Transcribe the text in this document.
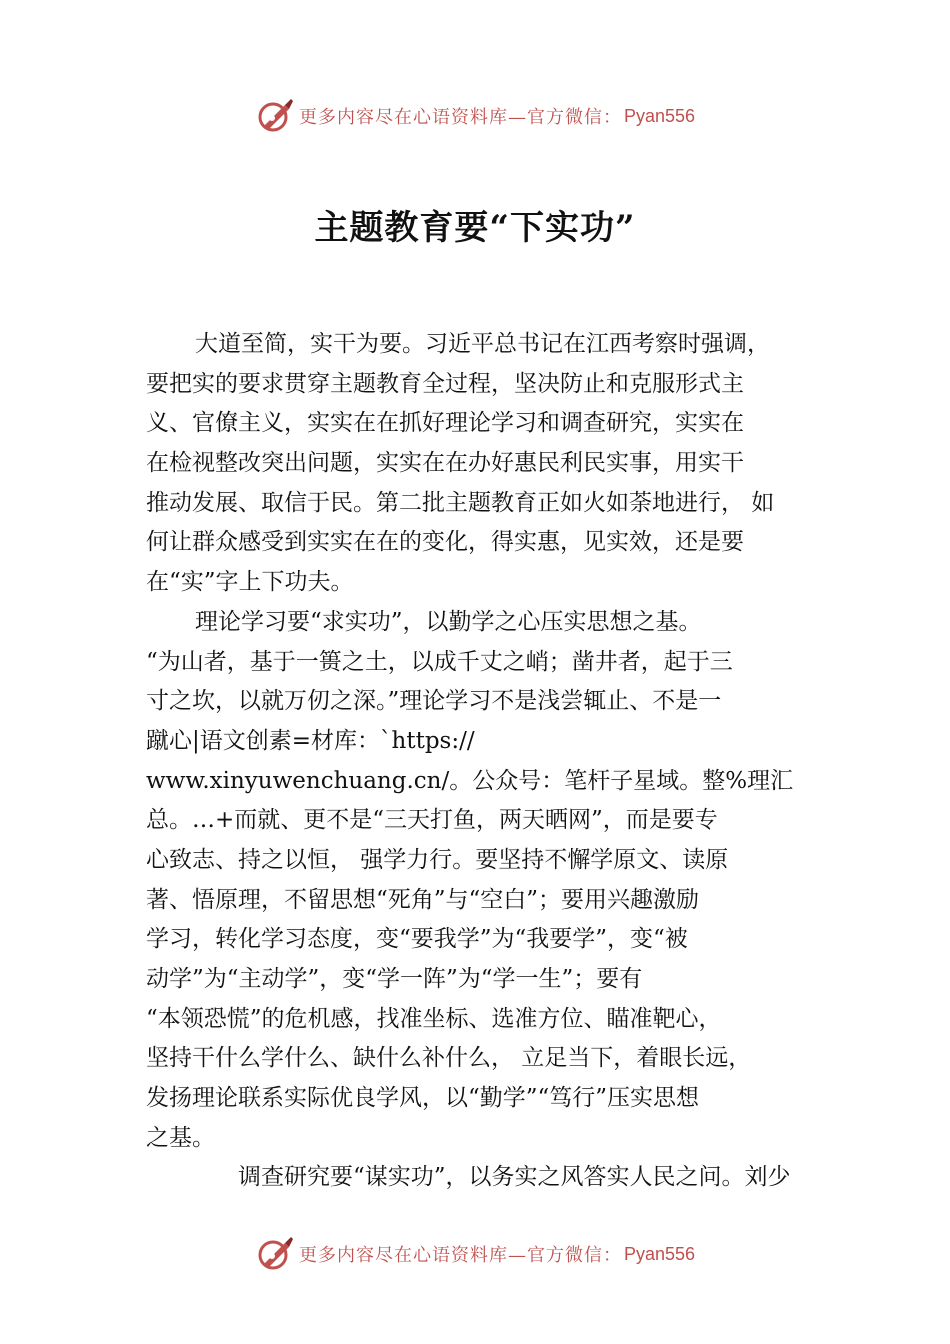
更多内容尽在心语资料库—官方微信： Pyan556
主题教育要“下实功”
大道至简，实干为要。习近平总书记在江西考察时强调，
要把实的要求贯穿主题教育全过程，坚决防止和克服形式主
义、官僚主义，实实在在抓好理论学习和调查研究，实实在
在检视整改突出问题，实实在在办好惠民利民实事，用实干
推动发展、取信于民。第二批主题教育正如火如荼地进行， 如
何让群众感受到实实在在的变化，得实惠，见实效，还是要
在“实”字上下功夫。
理论学习要“求实功”，以勤学之心压实思想之基。
“为山者，基于一篑之土，以成千丈之峭；凿井者，起于三
寸之坎，以就万仞之深。”理论学习不是浅尝辄止、不是一
蹴心|语文创素=材库：`https://
www.xinyuwenchuang.cn/。公众号：笔杆子星域。整%理汇
总。…+而就、更不是“三天打鱼，两天晒网”，而是要专
心致志、持之以恒， 强学力行。要坚持不懈学原文、读原
著、悟原理，不留思想“死角”与“空白”；要用兴趣激励
学习，转化学习态度，变“要我学”为“我要学”，变“被
动学”为“主动学”，变“学一阵”为“学一生”；要有
“本领恐慌”的危机感，找准坐标、选准方位、瞄准靶心，
坚持干什么学什么、缺什么补什么， 立足当下，着眼长远，
发扬理论联系实际优良学风，以“勤学”“笃行”压实思想
之基。
调查研究要“谋实功”，以务实之风答实人民之问。刘少
更多内容尽在心语资料库—官方微信： Pyan556
